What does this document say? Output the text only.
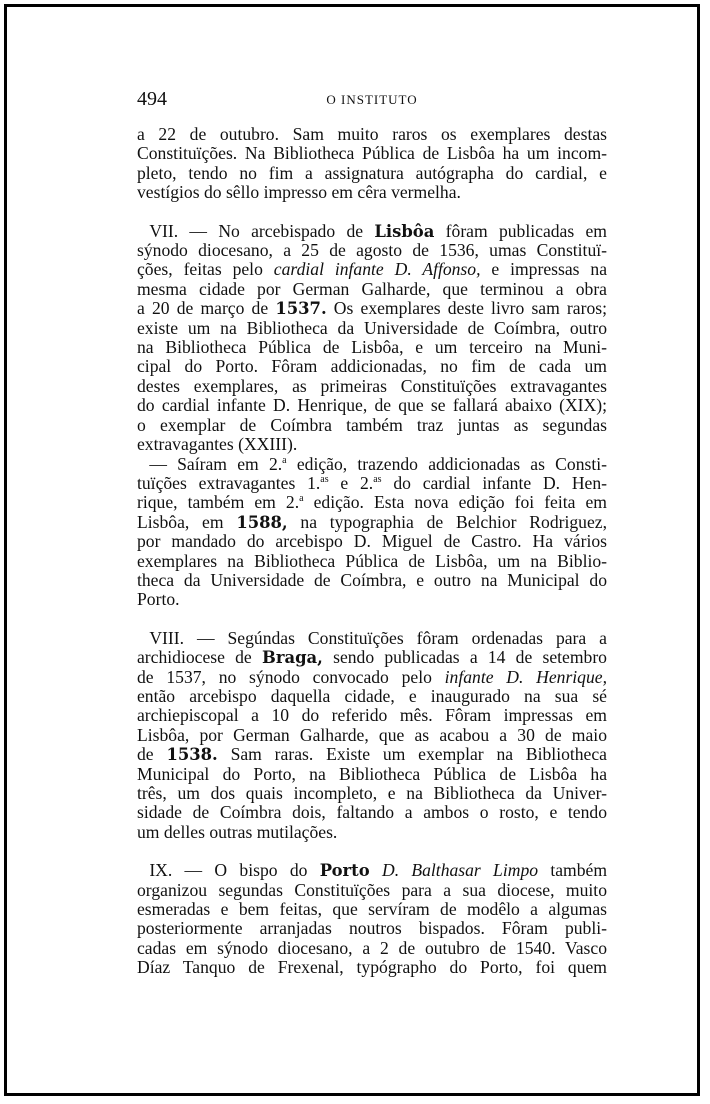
494	O INSTITUTO
a 22 de outubro. Sam muito raros os exemplares destas
Constituïções. Na Bibliotheca Pública de Lisbôa ha um incom-
pleto, tendo no fim a assignatura autógrapha do cardial, e
vestígios do sêllo impresso em cêra vermelha.
VII. — No arcebispado de Lisbôa fôram publicadas em
sýnodo diocesano, a 25 de agosto de 1536, umas Constituï-
ções, feitas pelo cardial infante D. Affonso, e impressas na
mesma cidade por German Galharde, que terminou a obra
a 20 de março de 1537. Os exemplares deste livro sam raros;
existe um na Bibliotheca da Universidade de Coímbra, outro
na Bibliotheca Pública de Lisbôa, e um terceiro na Muni-
cipal do Porto. Fôram addicionadas, no fim de cada um
destes exemplares, as primeiras Constituïções extravagantes
do cardial infante D. Henrique, de que se fallará abaixo (XIX);
o exemplar de Coímbra também traz juntas as segundas
extravagantes (XXIII).
— Saíram em 2.$^a$ edição, trazendo addicionadas as Consti-
tuïções extravagantes 1.$^{as}$ e 2.$^{as}$ do cardial infante D. Hen-
rique, também em 2.$^a$ edição. Esta nova edição foi feita em
Lisbôa, em 1588, na typographia de Belchior Rodriguez,
por mandado do arcebispo D. Miguel de Castro. Ha vários
exemplares na Bibliotheca Pública de Lisbôa, um na Biblio-
theca da Universidade de Coímbra, e outro na Municipal do
Porto.
VIII. — Segúndas Constituïções fôram ordenadas para a
archidiocese de Braga, sendo publicadas a 14 de setembro
de 1537, no sýnodo convocado pelo infante D. Henrique,
então arcebispo daquella cidade, e inaugurado na sua sé
archiepiscopal a 10 do referido mês. Fôram impressas em
Lisbôa, por German Galharde, que as acabou a 30 de maio
de 1538. Sam raras. Existe um exemplar na Bibliotheca
Municipal do Porto, na Bibliotheca Pública de Lisbôa ha
três, um dos quais incompleto, e na Bibliotheca da Univer-
sidade de Coímbra dois, faltando a ambos o rosto, e tendo
um delles outras mutilações.
IX. — O bispo do Porto D. Balthasar Limpo também
organizou segundas Constituïções para a sua diocese, muito
esmeradas e bem feitas, que servíram de modêlo a algumas
posteriormente arranjadas noutros bispados. Fôram publi-
cadas em sýnodo diocesano, a 2 de outubro de 1540. Vasco
Díaz Tanquo de Frexenal, typógrapho do Porto, foi quem
